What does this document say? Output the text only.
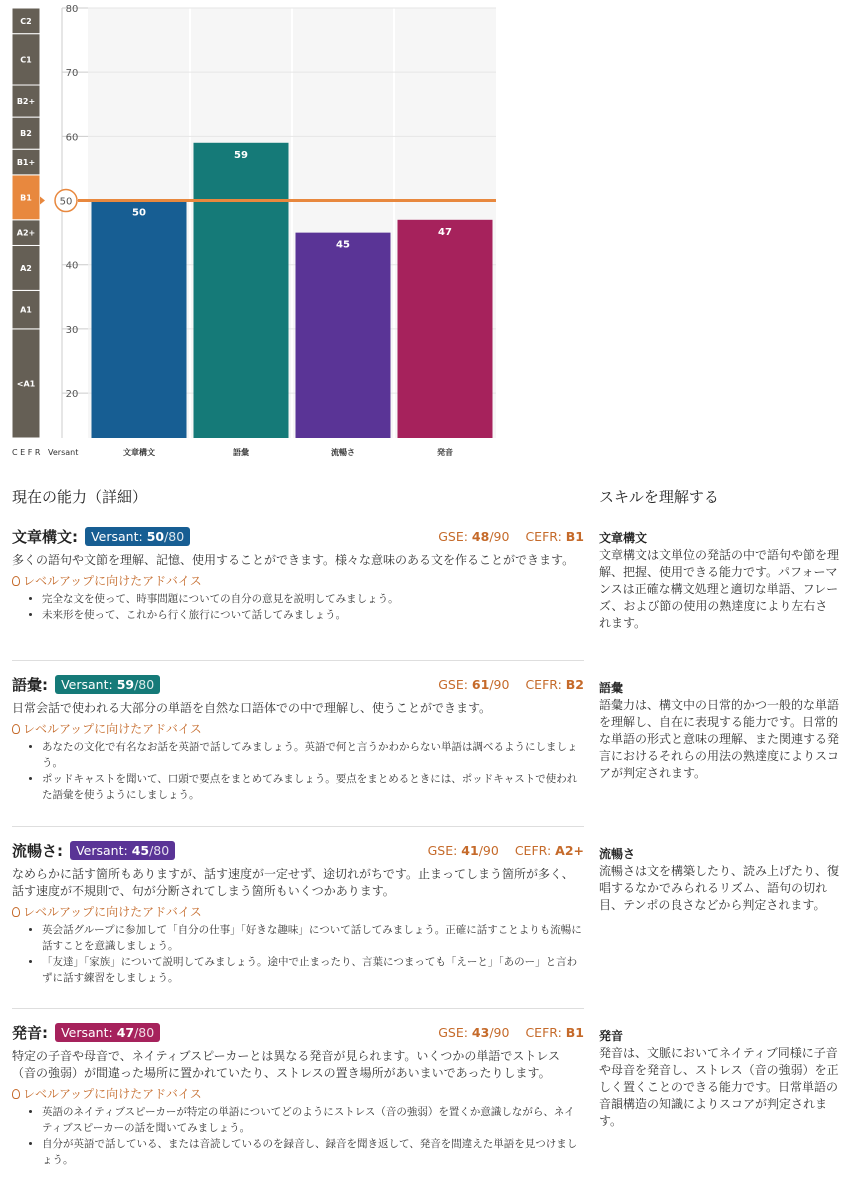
<A1
A1
A2
A2+
B1
B1+
B2
B2+
C1
C2
20
30
40
60
70
80
50
文章構文
59
語彙
45
流暢さ
47
発音
50
C E F R Versant
現在の能力（詳細）	スキルを理解する
文章構文: Versant: 50/80	GSE: 48/90 CEFR: B1
多くの語句や文節を理解、記憶、使用することができます。様々な意味のある文を作ることができます。
レベルアップに向けたアドバイス
• 完全な文を使って、時事問題についての自分の意見を説明してみましょう。
• 未来形を使って、これから行く旅行について話してみましょう。
語彙: Versant: 59/80	GSE: 61/90 CEFR: B2
日常会話で使われる大部分の単語を自然な口語体での中で理解し、使うことができます。
レベルアップに向けたアドバイス
• あなたの文化で有名なお話を英語で話してみましょう。英語で何と言うかわからない単語は調べるようにしましょう。
• ポッドキャストを聞いて、口頭で要点をまとめてみましょう。要点をまとめるときには、ポッドキャストで使われた語彙を使うようにしましょう。
流暢さ: Versant: 45/80	GSE: 41/90 CEFR: A2+
なめらかに話す箇所もありますが、話す速度が一定せず、途切れがちです。止まってしまう箇所が多く、話す速度が不規則で、句が分断されてしまう箇所もいくつかあります。
レベルアップに向けたアドバイス
• 英会話グループに参加して「自分の仕事」「好きな趣味」について話してみましょう。正確に話すことよりも流暢に話すことを意識しましょう。
• 「友達」「家族」について説明してみましょう。途中で止まったり、言葉につまっても「えーと」「あのー」と言わずに話す練習をしましょう。
発音: Versant: 47/80	GSE: 43/90 CEFR: B1
特定の子音や母音で、ネイティブスピーカーとは異なる発音が見られます。いくつかの単語でストレス（音の強弱）が間違った場所に置かれていたり、ストレスの置き場所があいまいであったりします。
レベルアップに向けたアドバイス
• 英語のネイティブスピーカーが特定の単語についてどのようにストレス（音の強弱）を置くか意識しながら、ネイティブスピーカーの話を聞いてみましょう。
• 自分が英語で話している、または音読しているのを録音し、録音を聞き返して、発音を間違えた単語を見つけましょう。
文章構文
文章構文は文単位の発話の中で語句や節を理解、把握、使用できる能力です。パフォーマンスは正確な構文処理と適切な単語、フレーズ、および節の使用の熟達度により左右されます。
語彙
語彙力は、構文中の日常的かつ一般的な単語を理解し、自在に表現する能力です。日常的な単語の形式と意味の理解、また関連する発言におけるそれらの用法の熟達度によりスコアが判定されます。
流暢さ
流暢さは文を構築したり、読み上げたり、復唱するなかでみられるリズム、語句の切れ目、テンポの良さなどから判定されます。
発音
発音は、文脈においてネイティブ同様に子音や母音を発音し、ストレス（音の強弱）を正しく置くことのできる能力です。日常単語の音韻構造の知識によりスコアが判定されます。
